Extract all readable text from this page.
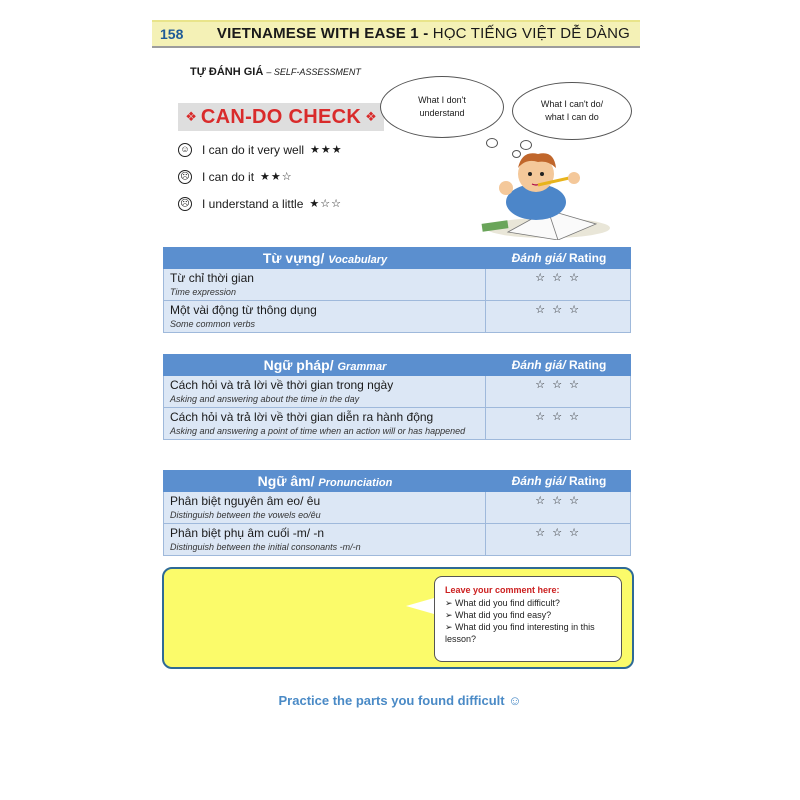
158 VIETNAMESE WITH EASE 1 - HỌC TIẾNG VIỆT DỄ DÀNG
TỰ ĐÁNH GIÁ – SELF-ASSESSMENT
❖ CAN-DO CHECK ❖
☺ I can do it very well ★★★
☹ I can do it ★★☆
☹ I understand a little ★☆☆
What I don't understand
What I can't do/ what I can do
Từ vựng/ Vocabulary	Đánh giá/ Rating
Từ chỉ thời gian
Time expression
☆ ☆ ☆
Một vài động từ thông dụng
Some common verbs
☆ ☆ ☆
Ngữ pháp/ Grammar	Đánh giá/ Rating
Cách hỏi và trả lời về thời gian trong ngày
Asking and answering about the time in the day
☆ ☆ ☆
Cách hỏi và trả lời về thời gian diễn ra hành động
Asking and answering a point of time when an action will or has happened
☆ ☆ ☆
Ngữ âm/ Pronunciation	Đánh giá/ Rating
Phân biệt nguyên âm eo/ êu
Distinguish between the vowels eo/êu
☆ ☆ ☆
Phân biệt phụ âm cuối -m/ -n
Distinguish between the initial consonants -m/-n
☆ ☆ ☆
Leave your comment here:
➢ What did you find difficult?
➢ What did you find easy?
➢ What did you find interesting in this lesson?
Practice the parts you found difficult ☺
